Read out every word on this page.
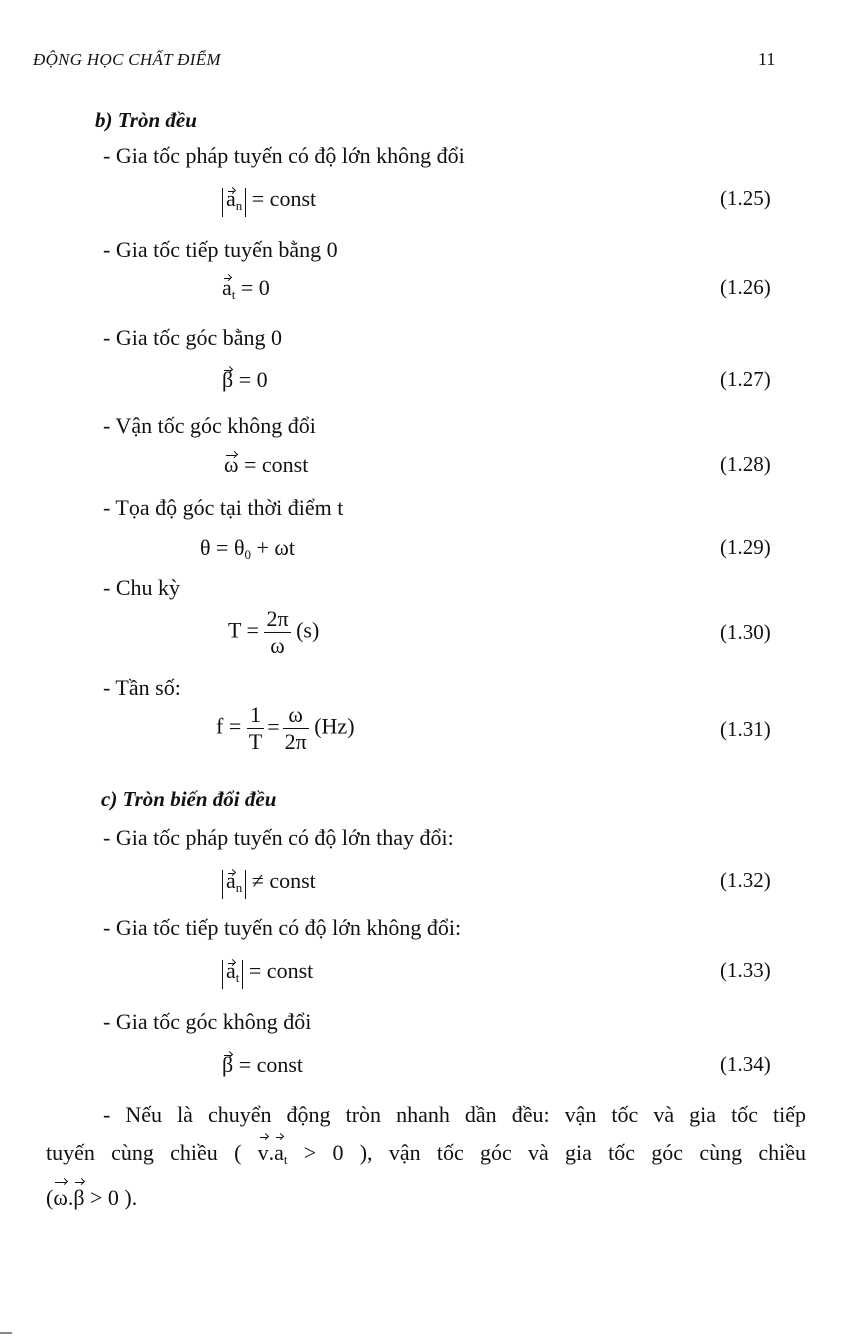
ĐỘNG HỌC CHẤT ĐIỂM	11
b) Tròn đều
- Gia tốc pháp tuyến có độ lớn không đổi
$a_n$ = const	(1.25)
- Gia tốc tiếp tuyến bằng 0
$a_t = 0$	(1.26)
- Gia tốc góc bằng 0
β = 0	(1.27)
- Vận tốc góc không đổi
ω = const	(1.28)
- Tọa độ góc tại thời điểm t
$\theta = \theta_0 + \omega t$	(1.29)
- Chu kỳ
$T = \frac{2\pi}{\omega} (s)$	(1.30)
- Tần số:
$f = \frac{1}{T} = \frac{\omega}{2\pi} (Hz)$	(1.31)
c) Tròn biến đổi đều
- Gia tốc pháp tuyến có độ lớn thay đổi:
$a_n$ ≠ const	(1.32)
- Gia tốc tiếp tuyến có độ lớn không đổi:
$a_t$ = const	(1.33)
- Gia tốc góc không đổi
β = const	(1.34)
- Nếu là chuyển động tròn nhanh dần đều: vận tốc và gia tốc tiếp
tuyến cùng chiều ( $v.a_t > 0$ ), vận tốc góc và gia tốc góc cùng chiều
(ω.β > 0 ).
